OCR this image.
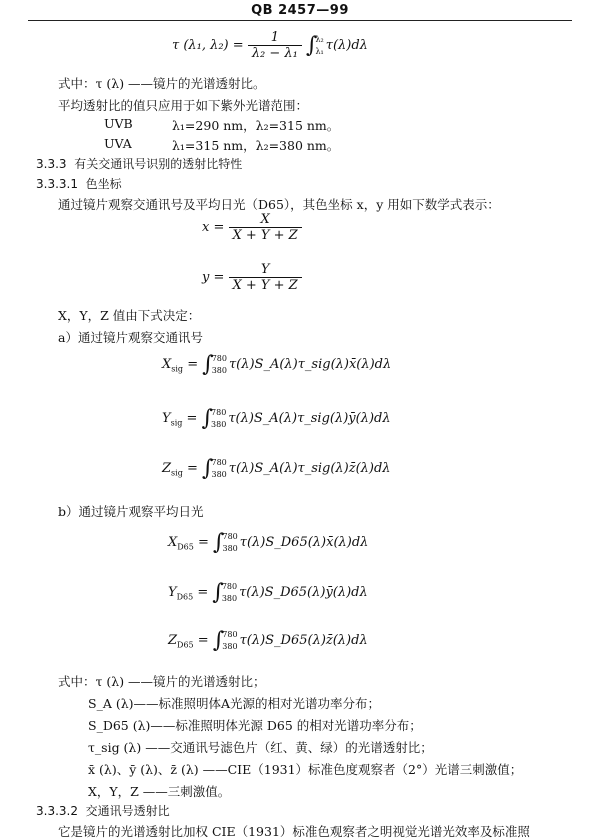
QB 2457—99
τ (λ₁, $\lambda_2) = \frac{1}{\text{λ₂ − λ₁}}$ ∫
λ₂
λ₁ τ(λ)dλ
式中：τ (λ) ——镜片的光谱透射比。
平均透射比的值只应用于如下紫外光谱范围：
UVB	λ₁=290 nm，λ₂=315 nm。
UVA	λ₁=315 nm，λ₂=380 nm。
3.3.3 有关交通讯号识别的透射比特性
3.3.3.1 色坐标
通过镜片观察交通讯号及平均日光（D65），其色坐标 x，y 用如下数学式表示：
$x = \frac{X}{X + Y + Z}$
$y = \frac{Y}{X + Y + Z}$
X，Y，Z 值由下式决定：
a）通过镜片观察交通讯号
$X_{sig}$ = ∫
780
380 τ(λ)S_A(λ)τ_sig(λ)x̄(λ)dλ
$Y_{sig}$ = ∫
780
380 τ(λ)S_A(λ)τ_sig(λ)ȳ(λ)dλ
$Z_{sig}$ = ∫
780
380 τ(λ)S_A(λ)τ_sig(λ)z̄(λ)dλ
b）通过镜片观察平均日光
$X_{D65}$ = ∫
780
380 τ(λ)S_D65(λ)x̄(λ)dλ
$Y_{D65}$ = ∫
780
380 τ(λ)S_D65(λ)ȳ(λ)dλ
$Z_{D65}$ = ∫
780
380 τ(λ)S_D65(λ)z̄(λ)dλ
式中：τ (λ) ——镜片的光谱透射比；
S_A (λ)——标准照明体A光源的相对光谱功率分布；
S_D65 (λ)——标准照明体光源 D65 的相对光谱功率分布；
τ_sig (λ) ——交通讯号滤色片（红、黄、绿）的光谱透射比；
x̄ (λ)、ȳ (λ)、z̄ (λ) ——CIE（1931）标准色度观察者（2°）光谱三刺激值；
X，Y，Z ——三刺激值。
3.3.3.2 交通讯号透射比
它是镜片的光谱透射比加权 CIE（1931）标准色观察者之明视觉光谱光效率及标准照
